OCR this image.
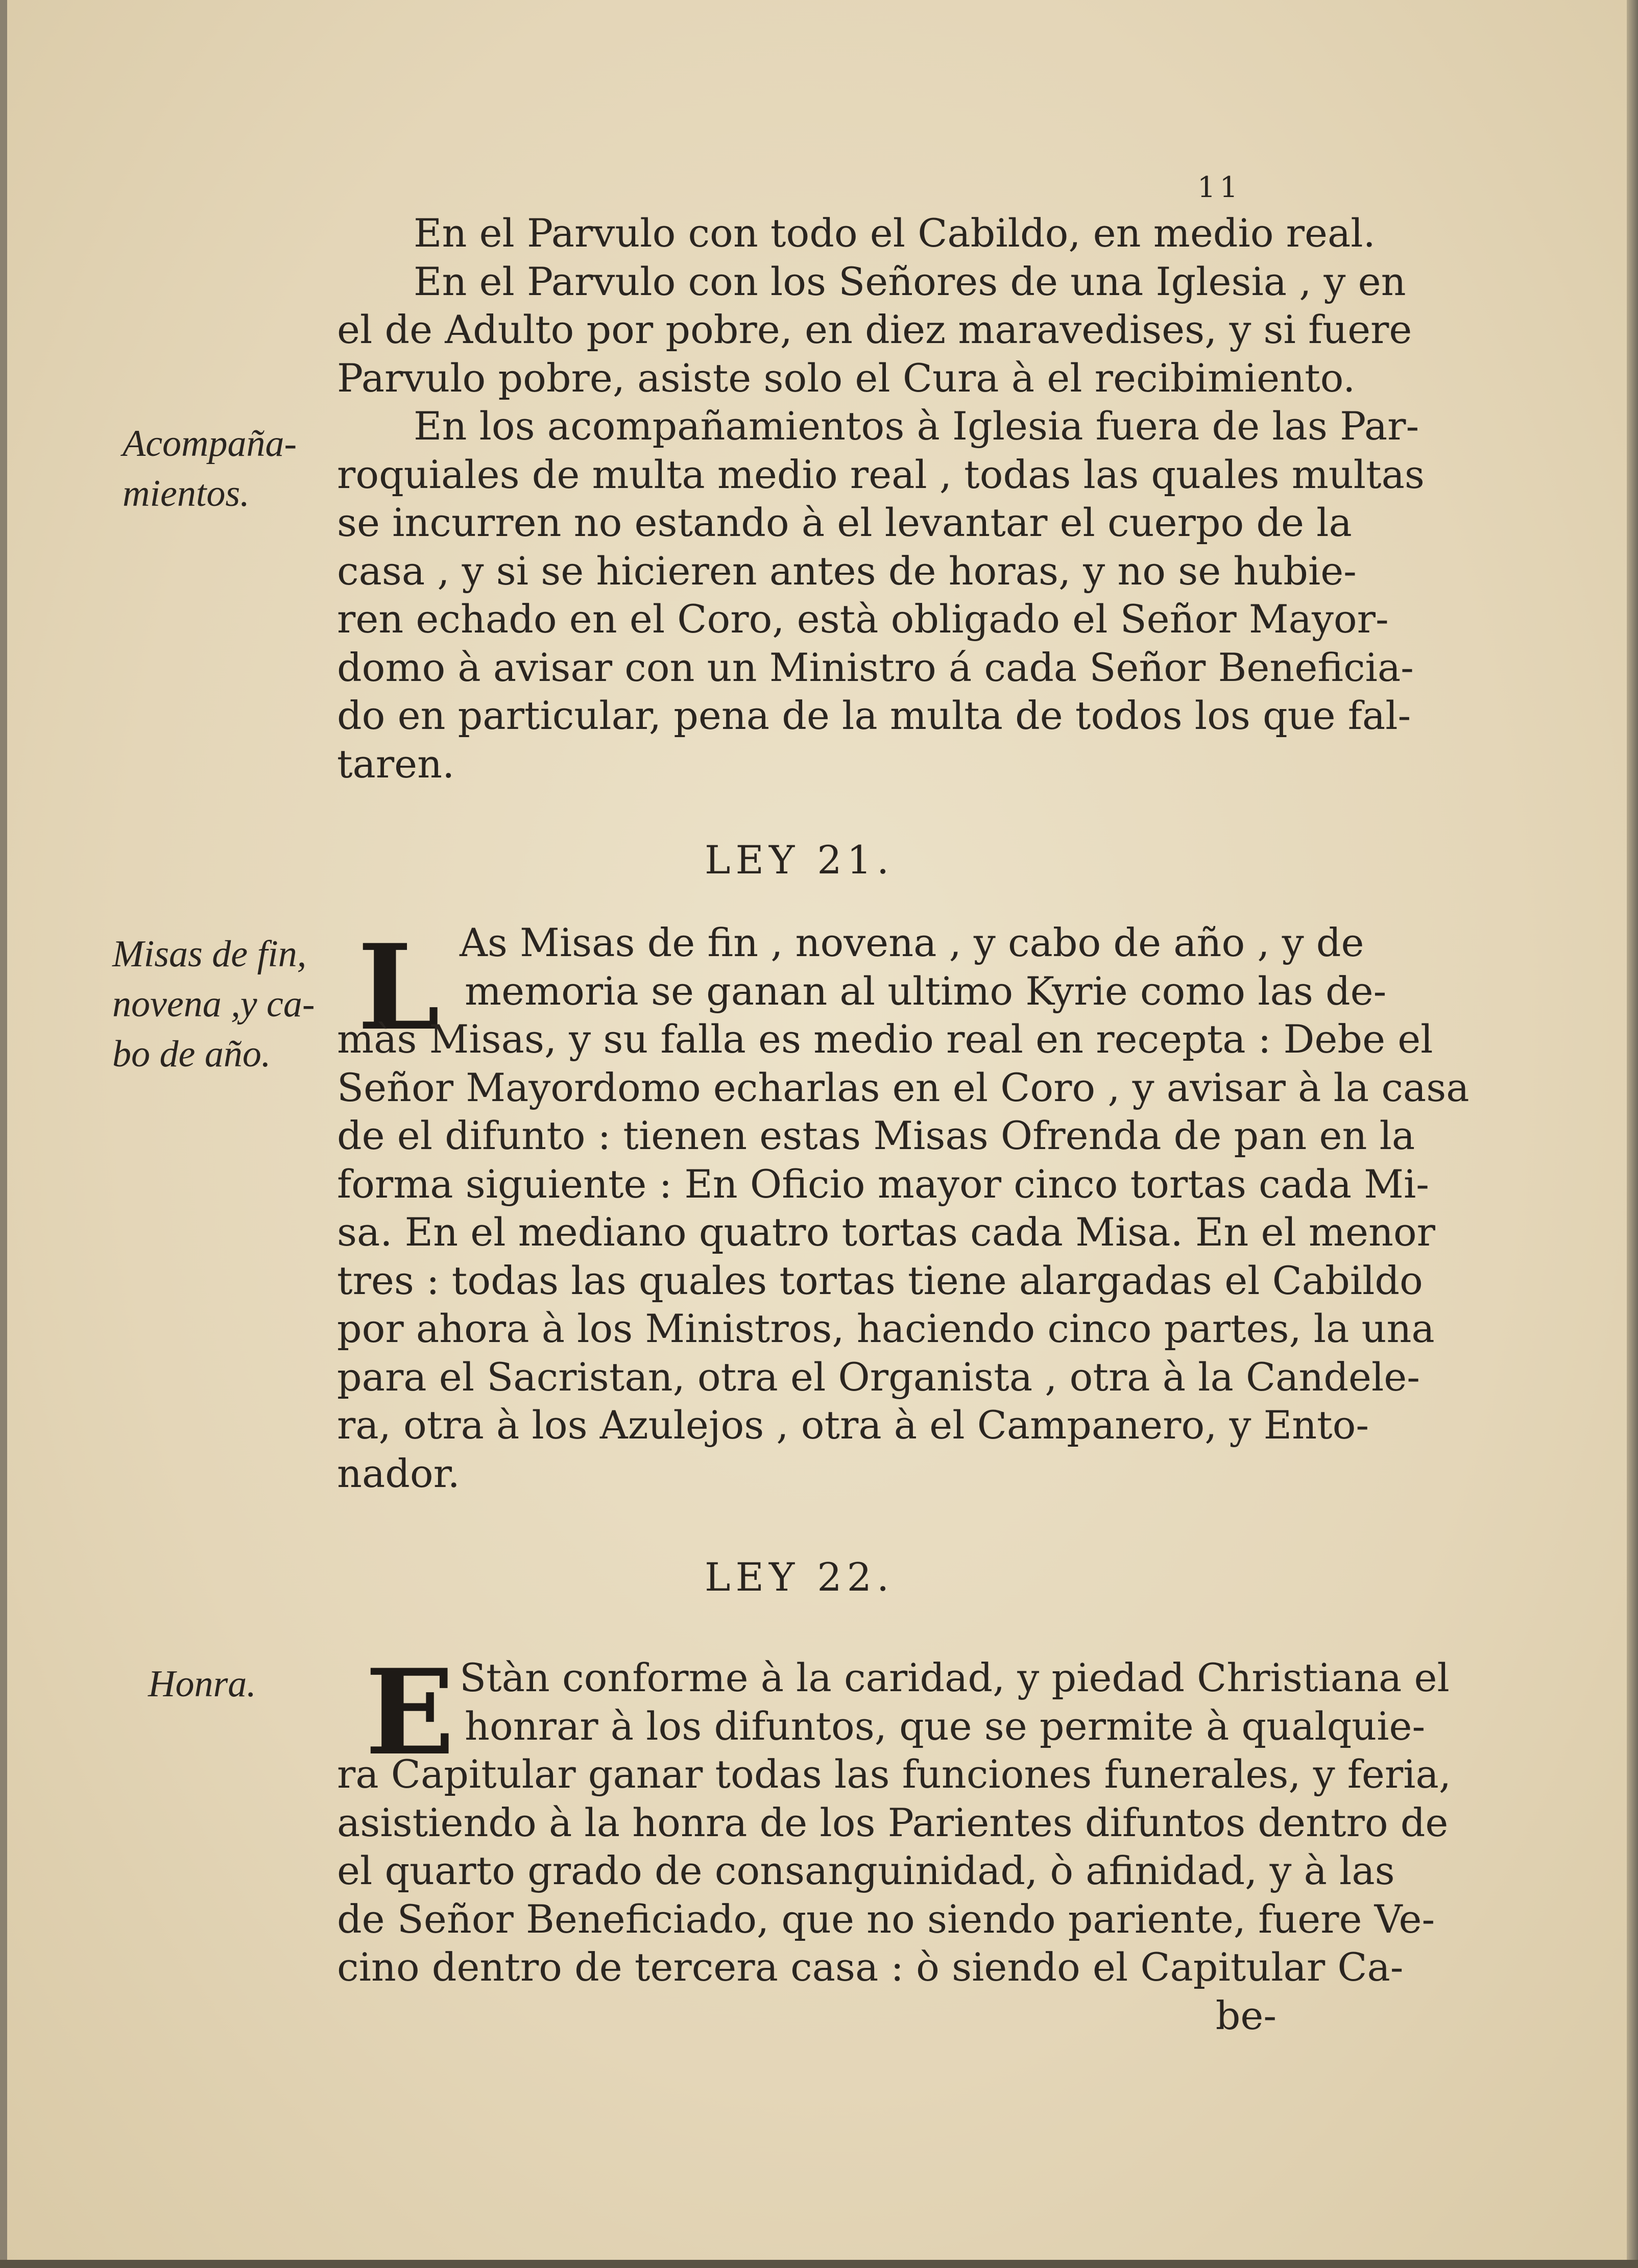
11
En el Parvulo con todo el Cabildo, en medio real.
En el Parvulo con los Señores de una Iglesia , y en
el de Adulto por pobre, en diez maravedises, y si fuere
Parvulo pobre, asiste solo el Cura à el recibimiento.
En los acompañamientos à Iglesia fuera de las Par-
roquiales de multa medio real , todas las quales multas
se incurren no estando à el levantar el cuerpo de la
casa , y si se hicieren antes de horas, y no se hubie-
ren echado en el Coro, està obligado el Señor Mayor-
domo à avisar con un Ministro á cada Señor Beneficia-
do en particular, pena de la multa de todos los que fal-
taren.
Acompaña-
mientos.
LEY 21.
L As Misas de fin , novena , y cabo de año , y de
memoria se ganan al ultimo Kyrie como las de-
màs Misas, y su falla es medio real en recepta : Debe el
Señor Mayordomo echarlas en el Coro , y avisar à la casa
de el difunto : tienen estas Misas Ofrenda de pan en la
forma siguiente : En Oficio mayor cinco tortas cada Mi-
sa. En el mediano quatro tortas cada Misa. En el menor
tres : todas las quales tortas tiene alargadas el Cabildo
por ahora à los Ministros, haciendo cinco partes, la una
para el Sacristan, otra el Organista , otra à la Candele-
ra, otra à los Azulejos , otra à el Campanero, y Ento-
nador.
Misas de fin,
novena ,y ca-
bo de año.
LEY 22.
E Stàn conforme à la caridad, y piedad Christiana el
honrar à los difuntos, que se permite à qualquie-
ra Capitular ganar todas las funciones funerales, y feria,
asistiendo à la honra de los Parientes difuntos dentro de
el quarto grado de consanguinidad, ò afinidad, y à las
de Señor Beneficiado, que no siendo pariente, fuere Ve-
cino dentro de tercera casa : ò siendo el Capitular Ca-
be-
Honra.
